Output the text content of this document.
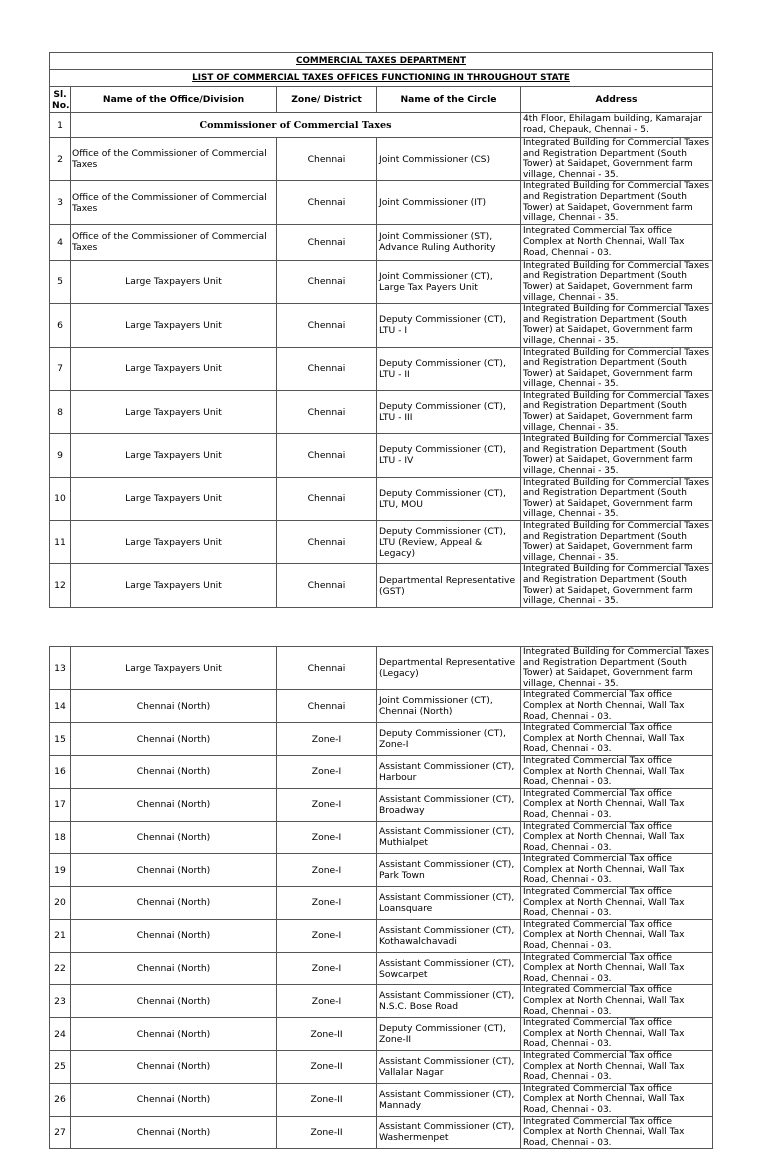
COMMERCIAL TAXES DEPARTMENT				
LIST OF COMMERCIAL TAXES OFFICES FUNCTIONING IN THROUGHOUT STATE				
Sl. No.	Name of the Office/Division	Zone/ District	Name of the Circle	Address
1	Commissioner of Commercial Taxes			4th Floor, Ehilagam building, Kamarajar road, Chepauk, Chennai - 5.
2	Office of the Commissioner of Commercial Taxes	Chennai	Joint Commissioner (CS)	Integrated Building for Commercial Taxes and Registration Department (South Tower) at Saidapet, Government farm village, Chennai - 35.
3	Office of the Commissioner of Commercial Taxes	Chennai	Joint Commissioner (IT)	Integrated Building for Commercial Taxes and Registration Department (South Tower) at Saidapet, Government farm village, Chennai - 35.
4	Office of the Commissioner of Commercial Taxes	Chennai	Joint Commissioner (ST), Advance Ruling Authority	Integrated Commercial Tax office Complex at North Chennai, Wall Tax Road, Chennai - 03.
5	Large Taxpayers Unit	Chennai	Joint Commissioner (CT), Large Tax Payers Unit	Integrated Building for Commercial Taxes and Registration Department (South Tower) at Saidapet, Government farm village, Chennai - 35.
6	Large Taxpayers Unit	Chennai	Deputy Commissioner (CT), LTU - I	Integrated Building for Commercial Taxes and Registration Department (South Tower) at Saidapet, Government farm village, Chennai - 35.
7	Large Taxpayers Unit	Chennai	Deputy Commissioner (CT), LTU - II	Integrated Building for Commercial Taxes and Registration Department (South Tower) at Saidapet, Government farm village, Chennai - 35.
8	Large Taxpayers Unit	Chennai	Deputy Commissioner (CT), LTU - III	Integrated Building for Commercial Taxes and Registration Department (South Tower) at Saidapet, Government farm village, Chennai - 35.
9	Large Taxpayers Unit	Chennai	Deputy Commissioner (CT), LTU - IV	Integrated Building for Commercial Taxes and Registration Department (South Tower) at Saidapet, Government farm village, Chennai - 35.
10	Large Taxpayers Unit	Chennai	Deputy Commissioner (CT), LTU, MOU	Integrated Building for Commercial Taxes and Registration Department (South Tower) at Saidapet, Government farm village, Chennai - 35.
11	Large Taxpayers Unit	Chennai	Deputy Commissioner (CT), LTU (Review, Appeal & Legacy)	Integrated Building for Commercial Taxes and Registration Department (South Tower) at Saidapet, Government farm village, Chennai - 35.
12	Large Taxpayers Unit	Chennai	Departmental Representative (GST)	Integrated Building for Commercial Taxes and Registration Department (South Tower) at Saidapet, Government farm village, Chennai - 35.
13	Large Taxpayers Unit	Chennai	Departmental Representative (Legacy)	Integrated Building for Commercial Taxes and Registration Department (South Tower) at Saidapet, Government farm village, Chennai - 35.
14	Chennai (North)	Chennai	Joint Commissioner (CT), Chennai (North)	Integrated Commercial Tax office Complex at North Chennai, Wall Tax Road, Chennai - 03.
15	Chennai (North)	Zone-I	Deputy Commissioner (CT), Zone-I	Integrated Commercial Tax office Complex at North Chennai, Wall Tax Road, Chennai - 03.
16	Chennai (North)	Zone-I	Assistant Commissioner (CT), Harbour	Integrated Commercial Tax office Complex at North Chennai, Wall Tax Road, Chennai - 03.
17	Chennai (North)	Zone-I	Assistant Commissioner (CT), Broadway	Integrated Commercial Tax office Complex at North Chennai, Wall Tax Road, Chennai - 03.
18	Chennai (North)	Zone-I	Assistant Commissioner (CT), Muthialpet	Integrated Commercial Tax office Complex at North Chennai, Wall Tax Road, Chennai - 03.
19	Chennai (North)	Zone-I	Assistant Commissioner (CT), Park Town	Integrated Commercial Tax office Complex at North Chennai, Wall Tax Road, Chennai - 03.
20	Chennai (North)	Zone-I	Assistant Commissioner (CT), Loansquare	Integrated Commercial Tax office Complex at North Chennai, Wall Tax Road, Chennai - 03.
21	Chennai (North)	Zone-I	Assistant Commissioner (CT), Kothawalchavadi	Integrated Commercial Tax office Complex at North Chennai, Wall Tax Road, Chennai - 03.
22	Chennai (North)	Zone-I	Assistant Commissioner (CT), Sowcarpet	Integrated Commercial Tax office Complex at North Chennai, Wall Tax Road, Chennai - 03.
23	Chennai (North)	Zone-I	Assistant Commissioner (CT), N.S.C. Bose Road	Integrated Commercial Tax office Complex at North Chennai, Wall Tax Road, Chennai - 03.
24	Chennai (North)	Zone-II	Deputy Commissioner (CT), Zone-II	Integrated Commercial Tax office Complex at North Chennai, Wall Tax Road, Chennai - 03.
25	Chennai (North)	Zone-II	Assistant Commissioner (CT), Vallalar Nagar	Integrated Commercial Tax office Complex at North Chennai, Wall Tax Road, Chennai - 03.
26	Chennai (North)	Zone-II	Assistant Commissioner (CT), Mannady	Integrated Commercial Tax office Complex at North Chennai, Wall Tax Road, Chennai - 03.
27	Chennai (North)	Zone-II	Assistant Commissioner (CT), Washermenpet	Integrated Commercial Tax office Complex at North Chennai, Wall Tax Road, Chennai - 03.
